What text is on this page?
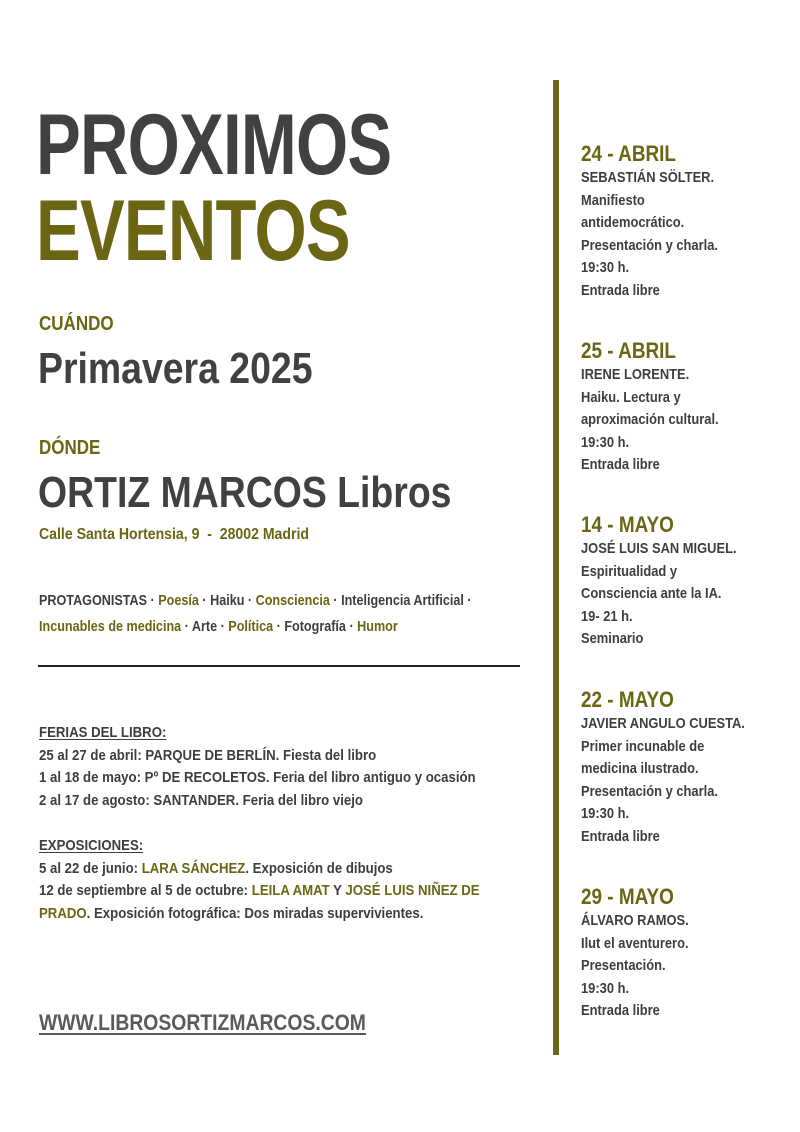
PROXIMOS
EVENTOS
CUÁNDO
Primavera 2025
DÓNDE
ORTIZ MARCOS Libros
Calle Santa Hortensia, 9  -  28002 Madrid
PROTAGONISTAS · Poesía · Haiku · Consciencia · Inteligencia Artificial ·
Incunables de medicina · Arte · Política · Fotografía · Humor
FERIAS DEL LIBRO:
25 al 27 de abril: PARQUE DE BERLÍN. Fiesta del libro
1 al 18 de mayo: Pº DE RECOLETOS. Feria del libro antiguo y ocasión
2 al 17 de agosto: SANTANDER. Feria del libro viejo
EXPOSICIONES:
5 al 22 de junio: LARA SÁNCHEZ. Exposición de dibujos
12 de septiembre al 5 de octubre: LEILA AMAT Y JOSÉ LUIS NIÑEZ DE
PRADO. Exposición fotográfica: Dos miradas supervivientes.
WWW.LIBROSORTIZMARCOS.COM
24 - ABRIL
SEBASTIÁN SÖLTER.
Manifiesto
antidemocrático.
Presentación y charla.
19:30 h.
Entrada libre
25 - ABRIL
IRENE LORENTE.
Haiku. Lectura y
aproximación cultural.
19:30 h.
Entrada libre
14 - MAYO
JOSÉ LUIS SAN MIGUEL.
Espiritualidad y
Consciencia ante la IA.
19- 21 h.
Seminario
22 - MAYO
JAVIER ANGULO CUESTA.
Primer incunable de
medicina ilustrado.
Presentación y charla.
19:30 h.
Entrada libre
29 - MAYO
ÁLVARO RAMOS.
Ilut el aventurero.
Presentación.
19:30 h.
Entrada libre
